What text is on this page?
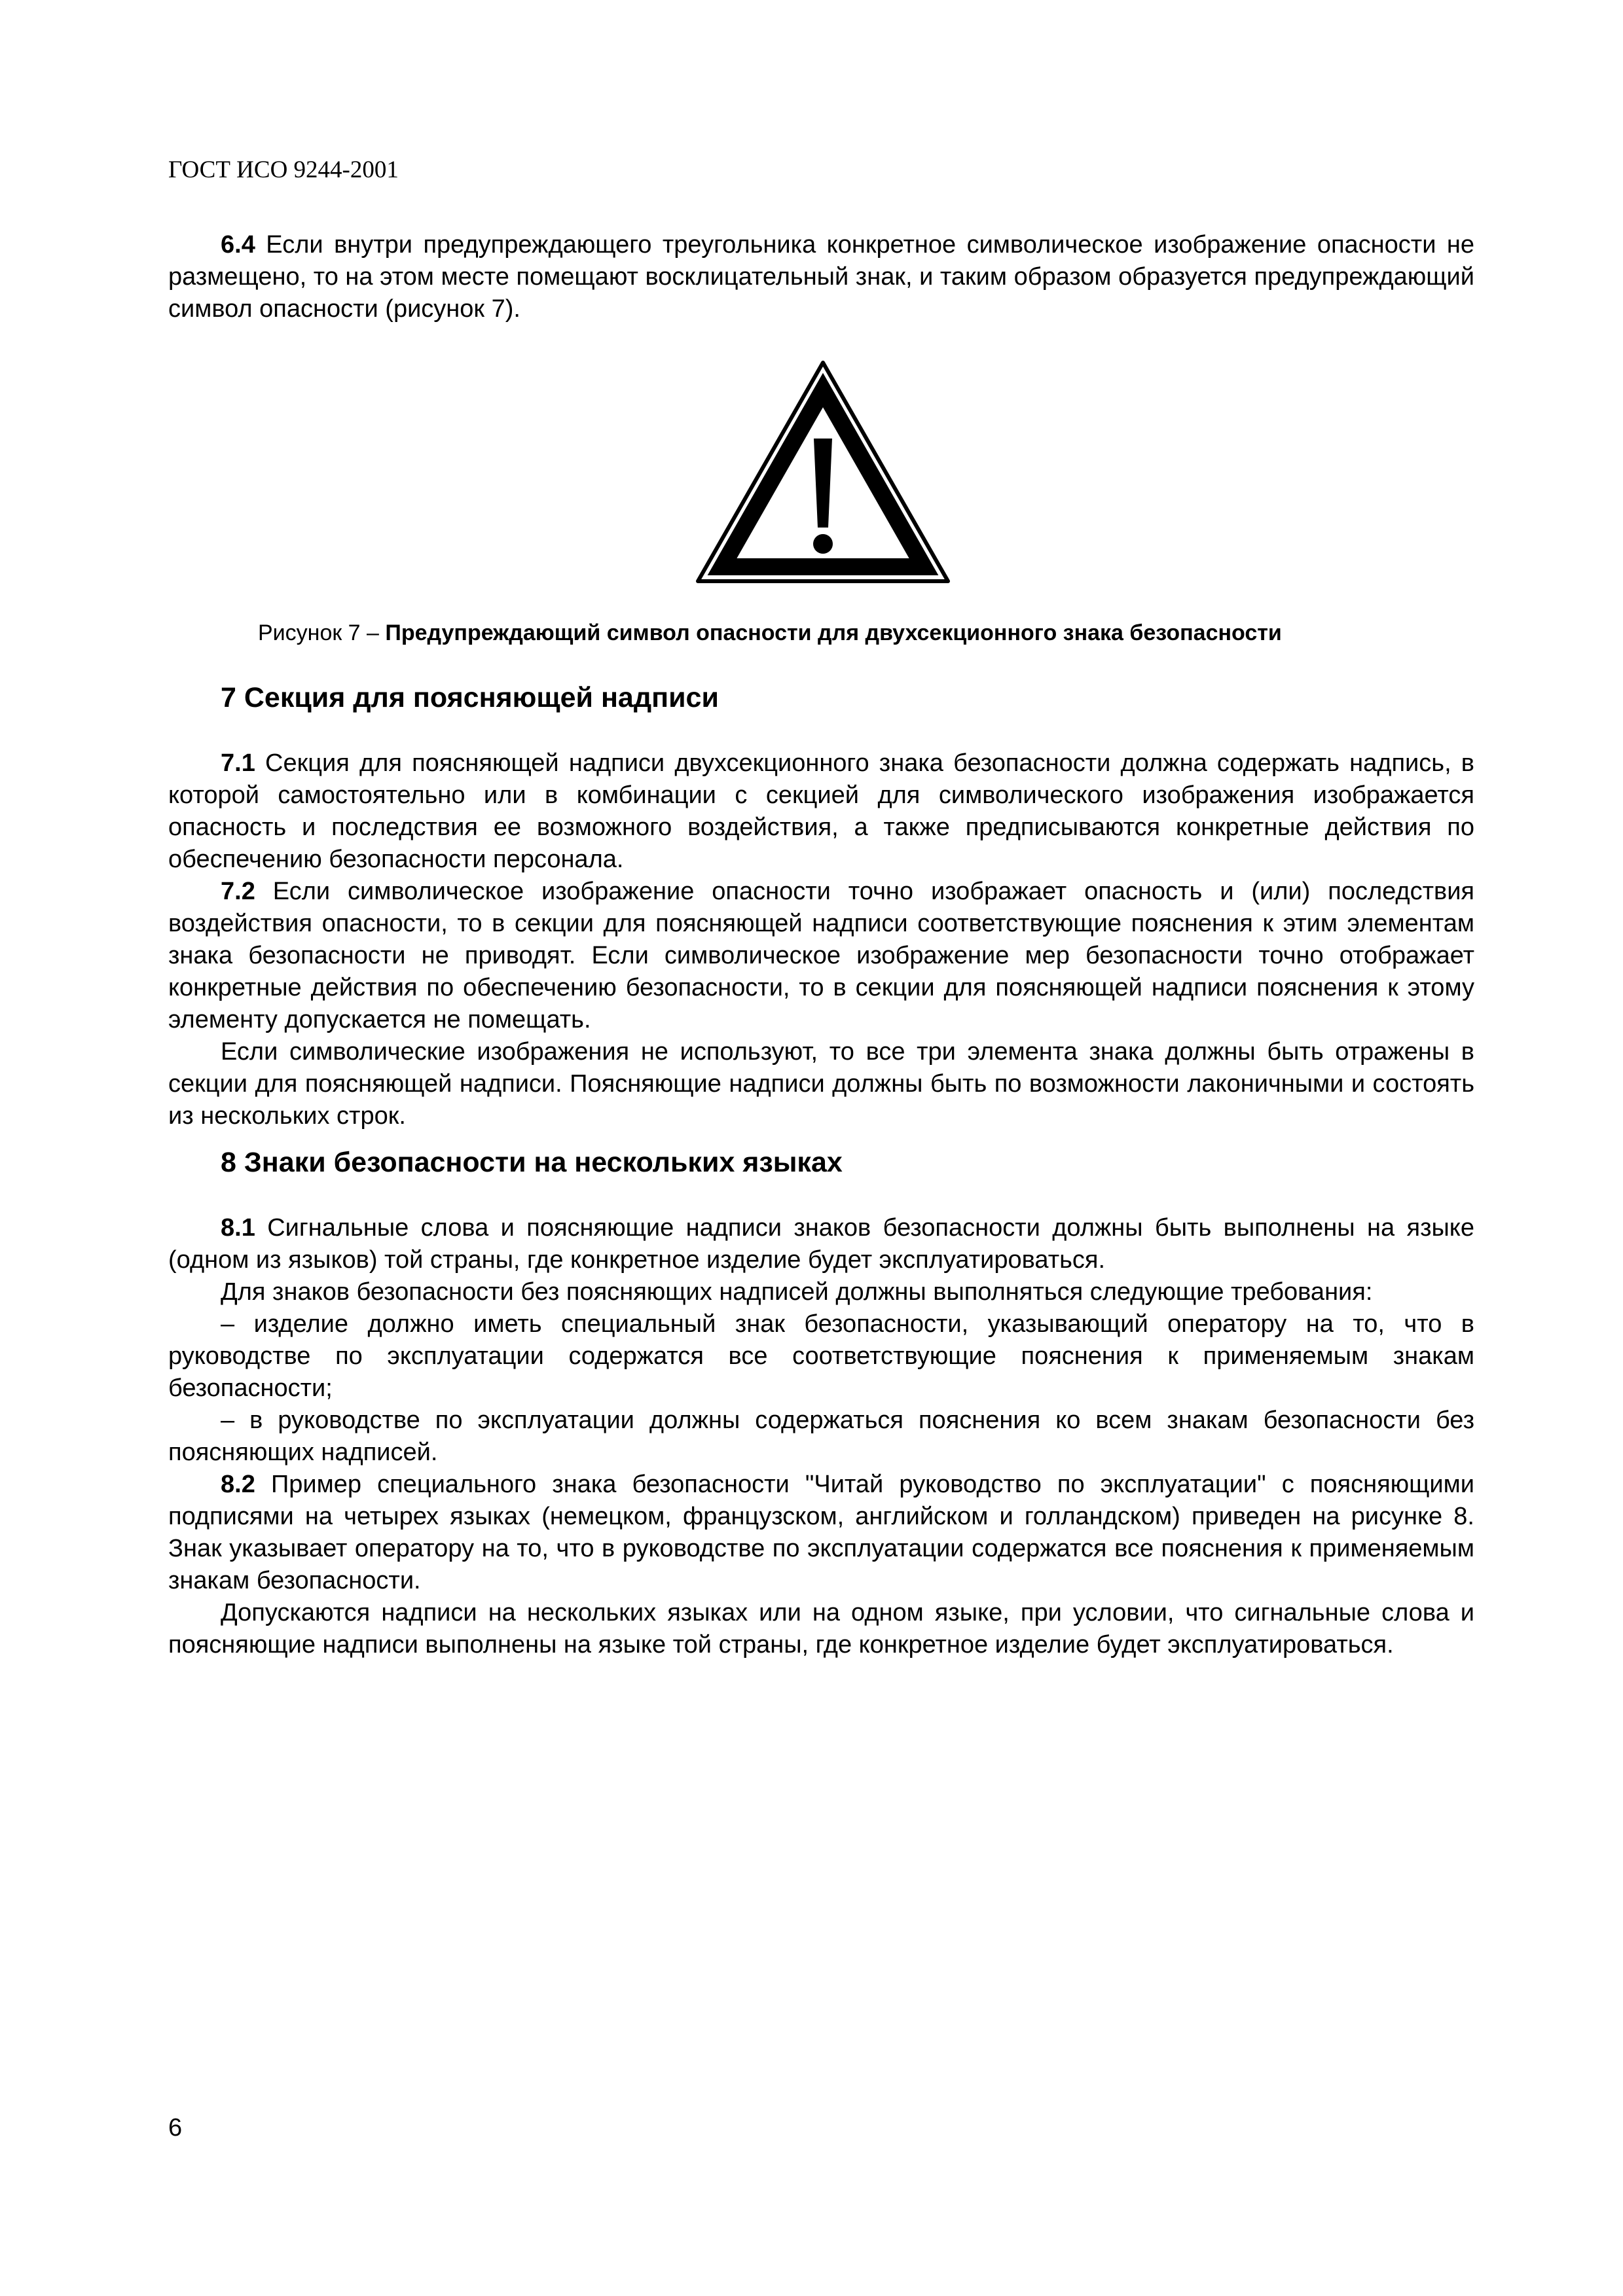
ГОСТ ИСО 9244-2001

6.4 Если внутри предупреждающего треугольника конкретное символическое изображение опасности не размещено, то на этом месте помещают восклицательный знак, и таким образом образуется предупреждающий символ опасности (рисунок 7).

Рисунок 7 – Предупреждающий символ опасности для двухсекционного знака безопасности
7 Секция для поясняющей надписи

7.1 Секция для поясняющей надписи двухсекционного знака безопасности должна содержать надпись, в которой самостоятельно или в комбинации с секцией для символического изображения изображается опасность и последствия ее возможного воздействия, а также предписываются конкретные действия по обеспечению безопасности персонала.

7.2 Если символическое изображение опасности точно изображает опасность и (или) последствия воздействия опасности, то в секции для поясняющей надписи соответствующие пояснения к этим элементам знака безопасности не приводят. Если символическое изображение мер безопасности точно отображает конкретные действия по обеспечению безопасности, то в секции для поясняющей надписи пояснения к этому элементу допускается не помещать.

Если символические изображения не используют, то все три элемента знака должны быть отражены в секции для поясняющей надписи. Поясняющие надписи должны быть по возможности лаконичными и состоять из нескольких строк.

8 Знаки безопасности на нескольких языках

8.1 Сигнальные слова и поясняющие надписи знаков безопасности должны быть выполнены на языке (одном из языков) той страны, где конкретное изделие будет эксплуатироваться.

Для знаков безопасности без поясняющих надписей должны выполняться следующие требования:

– изделие должно иметь специальный знак безопасности, указывающий оператору на то, что в руководстве по эксплуатации содержатся все соответствующие пояснения к применяемым знакам безопасности;

– в руководстве по эксплуатации должны содержаться пояснения ко всем знакам безопасности без поясняющих надписей.

8.2 Пример специального знака безопасности "Читай руководство по эксплуатации" с поясняющими подписями на четырех языках (немецком, французском, английском и голландском) приведен на рисунке 8. Знак указывает оператору на то, что в руководстве по эксплуатации содержатся все пояснения к применяемым знакам безопасности.

Допускаются надписи на нескольких языках или на одном языке, при условии, что сигнальные слова и поясняющие надписи выполнены на языке той страны, где конкретное изделие будет эксплуатироваться.

6
